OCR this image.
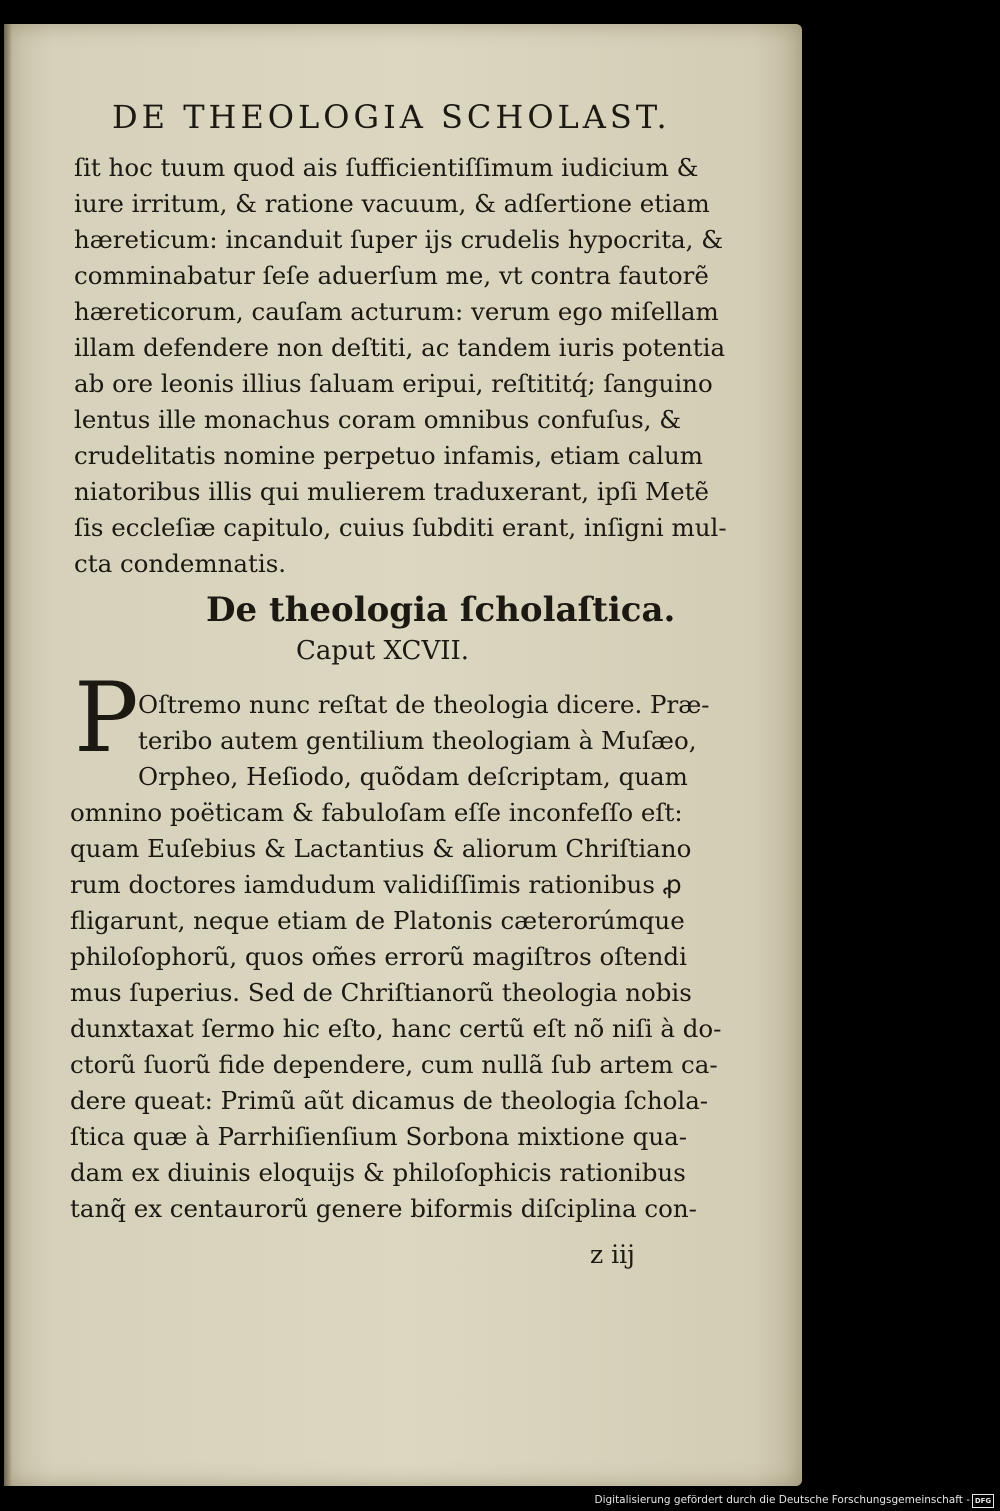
DE THEOLOGIA SCHOLAST.
ſit hoc tuum quod ais ſufficientiſſimum iudicium &
iure irritum, & ratione vacuum, & adſertione etiam
hæreticum: incanduit ſuper ijs crudelis hypocrita, &
comminabatur ſeſe aduerſum me, vt contra fautorẽ
hæreticorum, cauſam acturum: verum ego miſellam
illam defendere non deſtiti, ac tandem iuris potentia
ab ore leonis illius ſaluam eripui, reſtititq́; ſanguino
lentus ille monachus coram omnibus confuſus, &
crudelitatis nomine perpetuo infamis, etiam calum
niatoribus illis qui mulierem traduxerant, ipſi Metẽ
ſis eccleſiæ capitulo, cuius ſubditi erant, inſigni mul-
cta condemnatis.
De theologia ſcholaſtica.
Caput XCVII.
P Oſtremo nunc reſtat de theologia dicere. Præ-
teribo autem gentilium theologiam à Muſæo,
Orpheo, Heſiodo, quõdam deſcriptam, quam
omnino poëticam & fabuloſam eſſe inconfeſſo eſt:
quam Euſebius & Lactantius & aliorum Chriſtiano
rum doctores iamdudum validiſſimis rationibus ꝓ
fligarunt, neque etiam de Platonis cæterorúmque
philoſophorũ, quos om̃es errorũ magiſtros oſtendi
mus ſuperius. Sed de Chriſtianorũ theologia nobis
dunxtaxat ſermo hic eſto, hanc certũ eſt nõ niſi à do-
ctorũ ſuorũ fide dependere, cum nullã ſub artem ca-
dere queat: Primũ aũt dicamus de theologia ſchola-
ſtica quæ à Parrhiſienſium Sorbona mixtione qua-
dam ex diuinis eloquijs & philoſophicis rationibus
tanq̃ ex centaurorũ genere biformis diſciplina con-
z iij
Digitalisierung gefördert durch die Deutsche Forschungsgemeinschaft - DFG
